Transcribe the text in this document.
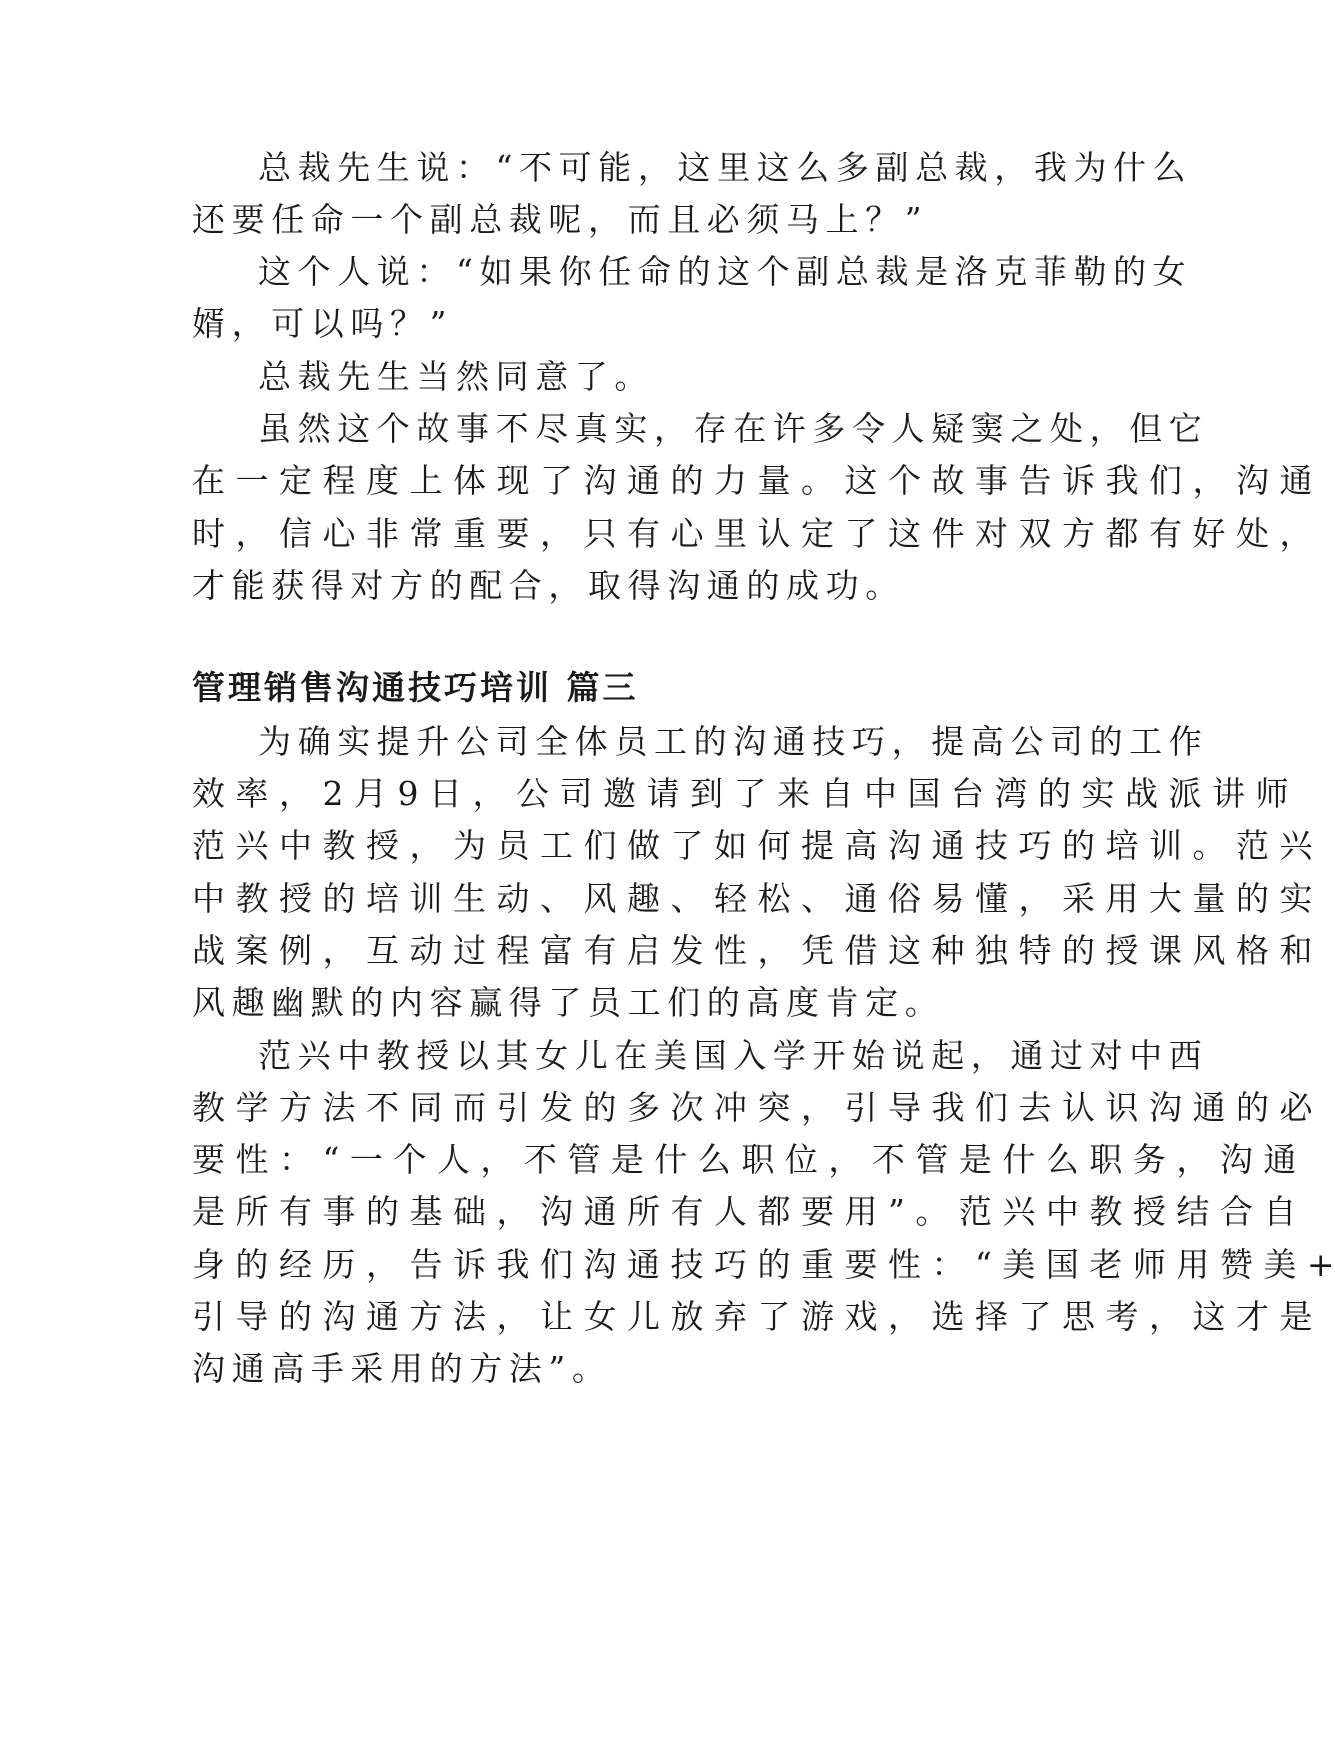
总裁先生说：“不可能，这里这么多副总裁，我为什么

还要任命一个副总裁呢，而且必须马上？”

这个人说：“如果你任命的这个副总裁是洛克菲勒的女

婿，可以吗？”

总裁先生当然同意了。

虽然这个故事不尽真实，存在许多令人疑窦之处，但它

在 一 定 程 度 上 体 现 了 沟 通 的 力 量 。 这 个 故 事 告 诉 我 们 ， 沟 通

时 ， 信 心 非 常 重 要 ， 只 有 心 里 认 定 了 这 件 对 双 方 都 有 好 处 ，

才能获得对方的配合，取得沟通的成功。

管理销售沟通技巧培训 篇三

为确实提升公司全体员工的沟通技巧，提高公司的工作

效 率 ， 2 月 9 日 ， 公 司 邀 请 到 了 来 自 中 国 台 湾 的 实 战 派 讲 师

范 兴 中 教 授 ， 为 员 工 们 做 了 如 何 提 高 沟 通 技 巧 的 培 训 。 范 兴

中 教 授 的 培 训 生 动 、 风 趣 、 轻 松 、 通 俗 易 懂 ， 采 用 大 量 的 实

战 案 例 ， 互 动 过 程 富 有 启 发 性 ， 凭 借 这 种 独 特 的 授 课 风 格 和

风趣幽默的内容赢得了员工们的高度肯定。

范兴中教授以其女儿在美国入学开始说起，通过对中西

教 学 方 法 不 同 而 引 发 的 多 次 冲 突 ， 引 导 我 们 去 认 识 沟 通 的 必

要 性 ： “ 一 个 人 ， 不 管 是 什 么 职 位 ， 不 管 是 什 么 职 务 ， 沟 通

是 所 有 事 的 基 础 ， 沟 通 所 有 人 都 要 用 ” 。 范 兴 中 教 授 结 合 自

身 的 经 历 ， 告 诉 我 们 沟 通 技 巧 的 重 要 性 ： “ 美 国 老 师 用 赞 美 +

引 导 的 沟 通 方 法 ， 让 女 儿 放 弃 了 游 戏 ， 选 择 了 思 考 ， 这 才 是

沟通高手采用的方法”。
